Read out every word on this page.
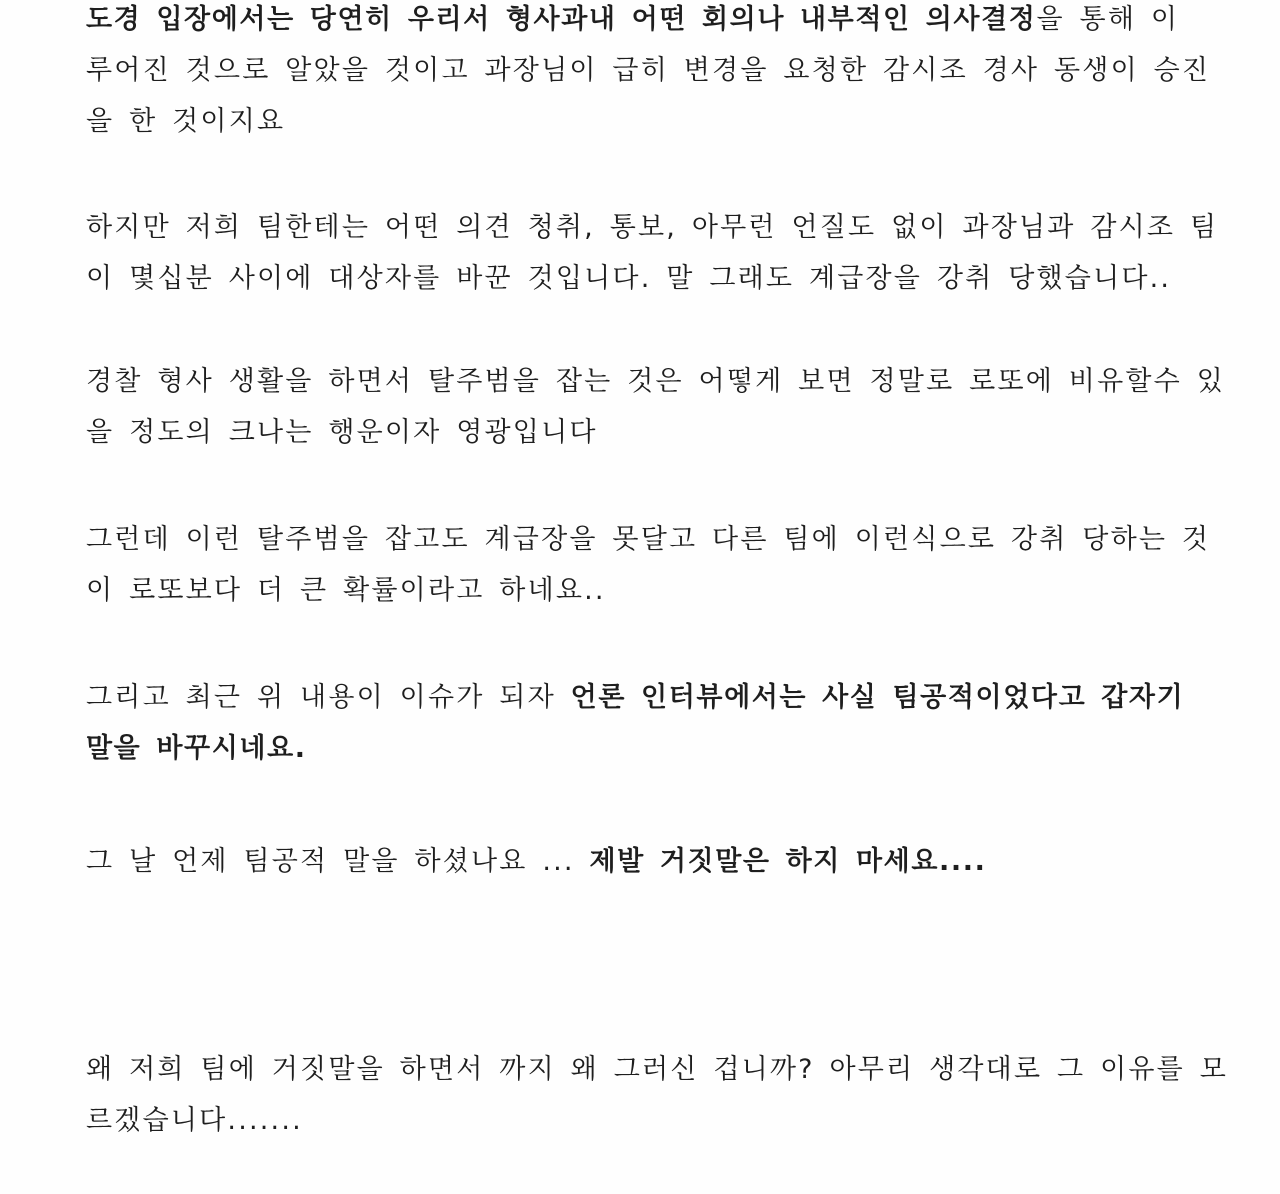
도경 입장에서는 당연히 우리서 형사과내 어떤 회의나 내부적인 의사결정을 통해 이
루어진 것으로 알았을 것이고 과장님이 급히 변경을 요청한 감시조 경사 동생이 승진
을 한 것이지요
하지만 저희 팀한테는 어떤 의견 청취, 통보, 아무런 언질도 없이 과장님과 감시조 팀
이 몇십분 사이에 대상자를 바꾼 것입니다. 말 그래도 계급장을 강취 당했습니다..
경찰 형사 생활을 하면서 탈주범을 잡는 것은 어떻게 보면 정말로 로또에 비유할수 있
을 정도의 크나는 행운이자 영광입니다
그런데 이런 탈주범을 잡고도 계급장을 못달고 다른 팀에 이런식으로 강취 당하는 것
이 로또보다 더 큰 확률이라고 하네요..
그리고 최근 위 내용이 이슈가 되자 언론 인터뷰에서는 사실 팀공적이었다고 갑자기
말을 바꾸시네요.
그 날 언제 팀공적 말을 하셨나요 ... 제발 거짓말은 하지 마세요....
왜 저희 팀에 거짓말을 하면서 까지 왜 그러신 겁니까? 아무리 생각대로 그 이유를 모
르겠습니다.......
